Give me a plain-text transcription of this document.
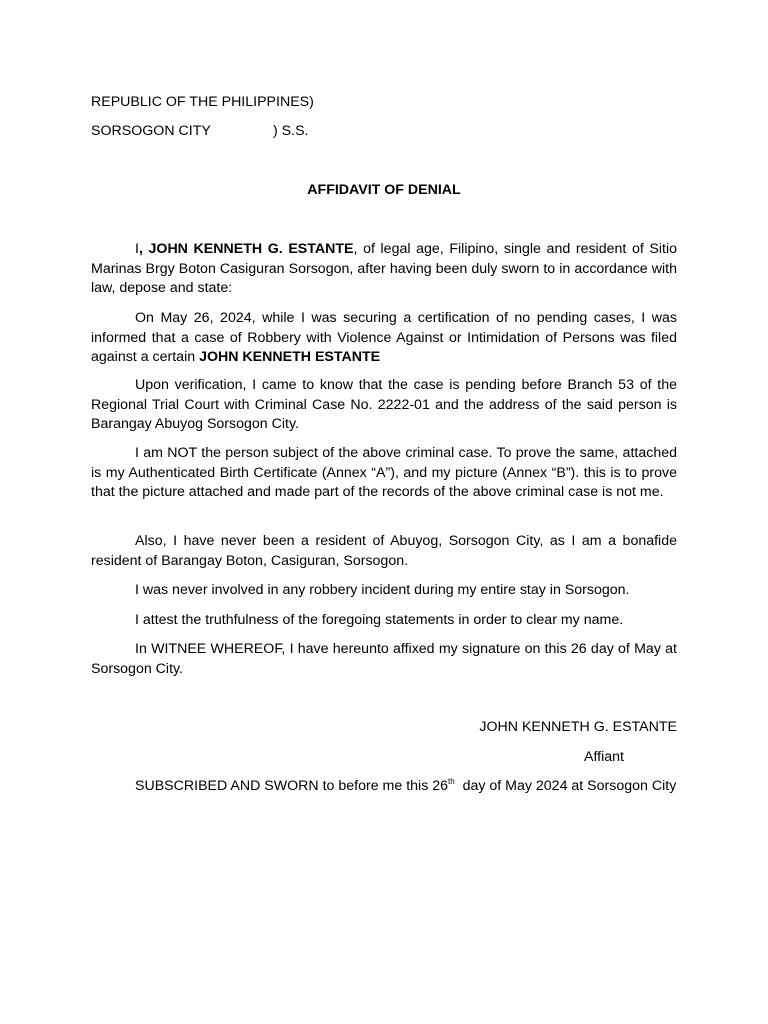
REPUBLIC OF THE PHILIPPINES)
SORSOGON CITY	) S.S.
AFFIDAVIT OF DENIAL
I, JOHN KENNETH G. ESTANTE, of legal age, Filipino, single and resident of Sitio Marinas Brgy Boton Casiguran Sorsogon, after having been duly sworn to in accordance with law, depose and state:
On May 26, 2024, while I was securing a certification of no pending cases, I was informed that a case of Robbery with Violence Against or Intimidation of Persons was filed against a certain JOHN KENNETH ESTANTE
Upon verification, I came to know that the case is pending before Branch 53 of the Regional Trial Court with Criminal Case No. 2222-01 and the address of the said person is Barangay Abuyog Sorsogon City.
I am NOT the person subject of the above criminal case. To prove the same, attached is my Authenticated Birth Certificate (Annex “A”), and my picture (Annex “B”). this is to prove that the picture attached and made part of the records of the above criminal case is not me.
Also, I have never been a resident of Abuyog, Sorsogon City, as I am a bonafide resident of Barangay Boton, Casiguran, Sorsogon.
I was never involved in any robbery incident during my entire stay in Sorsogon.
I attest the truthfulness of the foregoing statements in order to clear my name.
In WITNEE WHEREOF, I have hereunto affixed my signature on this 26 day of May at Sorsogon City.
JOHN KENNETH G. ESTANTE
Affiant
SUBSCRIBED AND SWORN to before me this 26th  day of May 2024 at Sorsogon City
